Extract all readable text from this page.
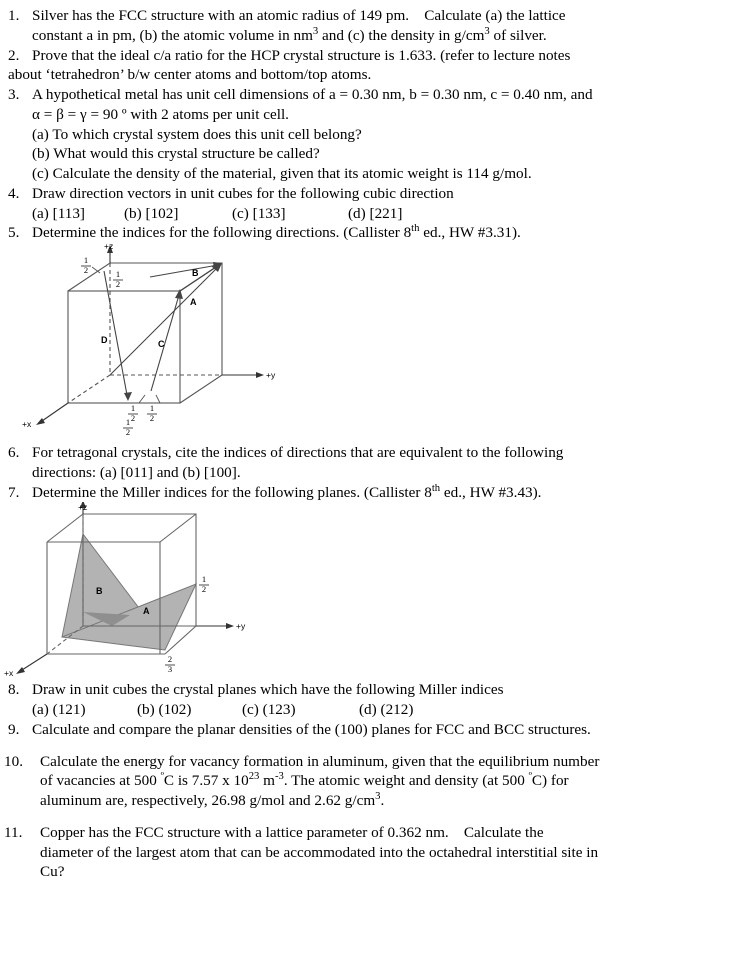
1. Silver has the FCC structure with an atomic radius of 149 pm.    Calculate (a) the lattice
constant a in pm, (b) the atomic volume in $nm^3$ and (c) the density in $g/cm^3$ of silver.
2. Prove that the ideal c/a ratio for the HCP crystal structure is 1.633. (refer to lecture notes
about ‘tetrahedron’ b/w center atoms and bottom/top atoms.
3. A hypothetical metal has unit cell dimensions of a = 0.30 nm, b = 0.30 nm, c = 0.40 nm, and
α = β = γ = 90 º with 2 atoms per unit cell.
(a) To which crystal system does this unit cell belong?
(b) What would this crystal structure be called?
(c) Calculate the density of the material, given that its atomic weight is 114 g/mol.
4. Draw direction vectors in unit cubes for the following cubic direction
(a) [113]	(b) [102]	(c) [133]	(d) [221]
5. Determine the indices for the following directions. (Callister 8th ed., HW #3.31).
+z
+y
+x
B
A
C
D
1
2	1
2
1
2
1
2
1
2
6. For tetragonal crystals, cite the indices of directions that are equivalent to the following
directions: (a) [011] and (b) [100].
7. Determine the Miller indices for the following planes. (Callister 8th ed., HW #3.43).
+z
+y
+x
B
A
1
2
2
3
8. Draw in unit cubes the crystal planes which have the following Miller indices
(a) (121)	(b) (102)	(c) (123)	(d) (212)
9. Calculate and compare the planar densities of the (100) planes for FCC and BCC structures.
10.	Calculate the energy for vacancy formation in aluminum, given that the equilibrium number
of vacancies at 500 $^º$C is 7.57 x $10^{23}$ $m^{-3}$. The atomic weight and density (at 500 $^º$C) for
aluminum are, respectively, 26.98 g/mol and 2.62 $g/cm^3$.
11.	Copper has the FCC structure with a lattice parameter of 0.362 nm.    Calculate the
diameter of the largest atom that can be accommodated into the octahedral interstitial site in
Cu?
